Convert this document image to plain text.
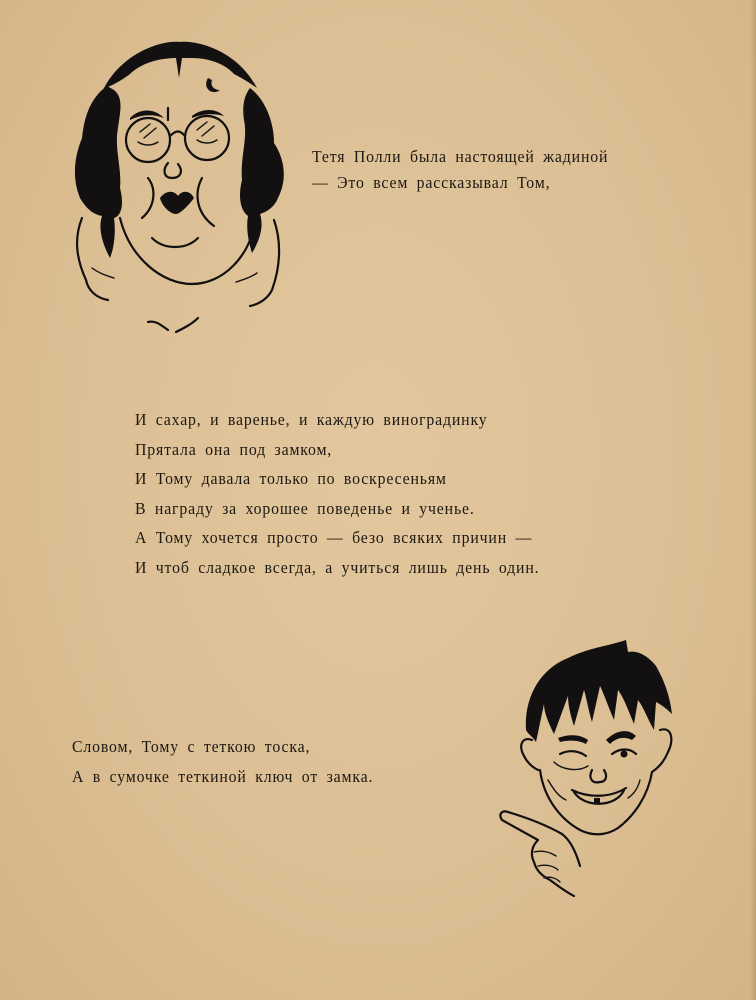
Тетя Полли была настоящей жадиной
— Это всем рассказывал Том,
И сахар, и варенье, и каждую виноградинку
Прятала она под замком,
И Тому давала только по воскресеньям
В награду за хорошее поведенье и ученье.
А Тому хочется просто — безо всяких причин —
И чтоб сладкое всегда, а учиться лишь день один.
Словом, Тому с теткою тоска,
А в сумочке теткиной ключ от замка.
